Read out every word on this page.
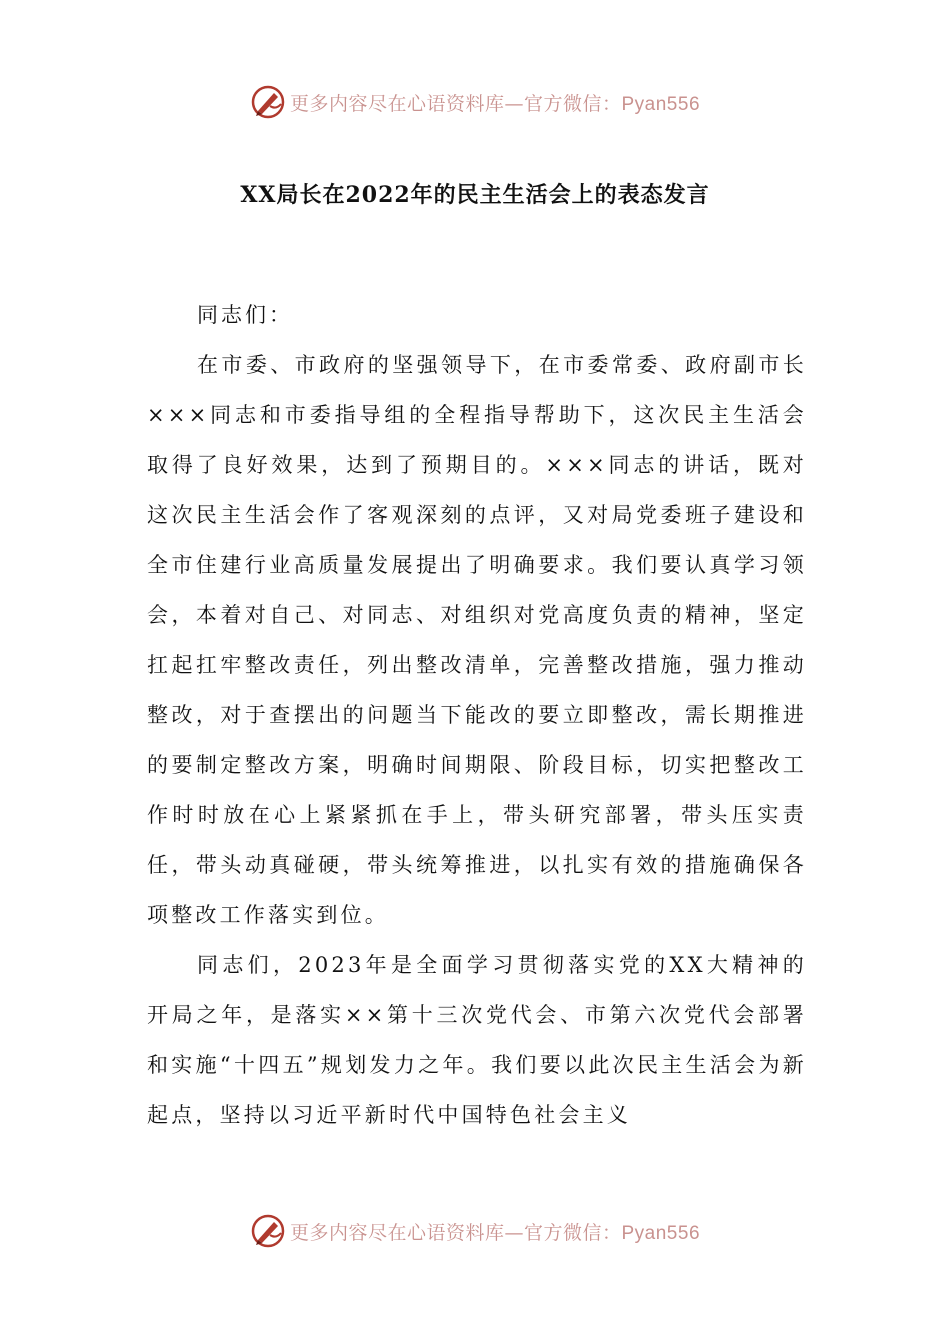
更多内容尽在心语资料库—官方微信：Pyan556
XX局长在2022年的民主生活会上的表态发言

同志们：

在市委、市政府的坚强领导下，在市委常委、政府副市长×××同志和市委指导组的全程指导帮助下，这次民主生活会取得了良好效果，达到了预期目的。×××同志的讲话，既对这次民主生活会作了客观深刻的点评，又对局党委班子建设和全市住建行业高质量发展提出了明确要求。我们要认真学习领会，本着对自己、对同志、对组织对党高度负责的精神，坚定扛起扛牢整改责任，列出整改清单，完善整改措施，强力推动整改，对于查摆出的问题当下能改的要立即整改，需长期推进的要制定整改方案，明确时间期限、阶段目标，切实把整改工作时时放在心上紧紧抓在手上，带头研究部署，带头压实责任，带头动真碰硬，带头统筹推进，以扎实有效的措施确保各项整改工作落实到位。

同志们，2023年是全面学习贯彻落实党的XX大精神的开局之年，是落实××第十三次党代会、市第六次党代会部署和实施“十四五”规划发力之年。我们要以此次民主生活会为新起点，坚持以习近平新时代中国特色社会主义

更多内容尽在心语资料库—官方微信：Pyan556
